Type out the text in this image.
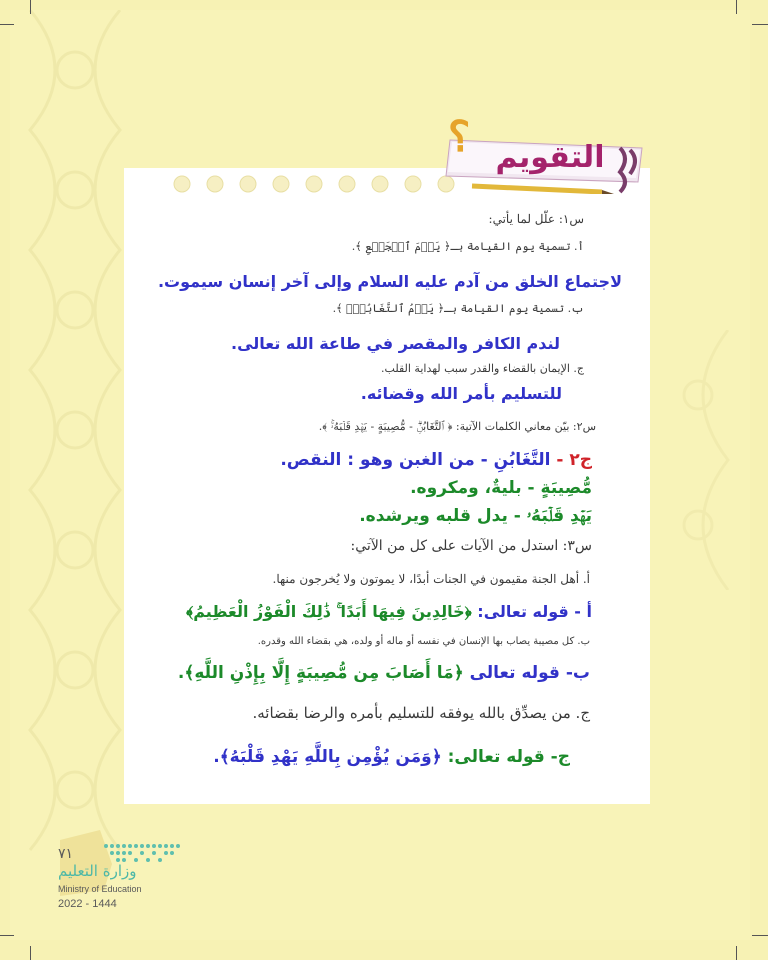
؟ التقويم
س١: علّل لما يأتي:
أ. تسمية يوم القيامة بـ﴿ يَوۡمَ ٱلۡجَمۡعِ ﴾.
لاجتماع الخلق من آدم عليه السلام وإلى آخر إنسان سيموت.
ب. تسمية يوم القيامة بـ﴿ يَوۡمُ ٱلتَّغَابُنِۗ ﴾.
لندم الكافر والمقصر في طاعة الله تعالى.
ج. الإيمان بالقضاء والقدر سبب لهداية القلب.
للتسليم بأمر الله وقضائه.
س٢: بيّن معاني الكلمات الآتية: ﴿ ٱلتَّغَابُنِۗ - مُّصِيبَةٍ - يَهۡدِ قَلۡبَهُۥۚ ﴾.
ج٢ - التَّغَابُنِ - من الغبن وهو : النقص.
مُّصِيبَةٍ - بليةٌ، ومكروه.
يَهۡدِ قَلۡبَهُۥ - يدل قلبه ويرشده.
س٣: استدل من الآيات على كل من الآتي:
أ. أهل الجنة مقيمون في الجنات أبدًا، لا يموتون ولا يُخرجون منها.
أ - قوله تعالى: ﴿خَالِدِينَ فِيهَا أَبَدًا ۚ ذَٰلِكَ الْفَوْزُ الْعَظِيمُ﴾
ب. كل مصيبة يصاب بها الإنسان في نفسه أو ماله أو ولده، هي بقضاء الله وقدره.
ب- قوله تعالى ﴿مَا أَصَابَ مِن مُّصِيبَةٍ إِلَّا بِإِذْنِ اللَّهِ﴾.
ج. من يصدِّق بالله يوفقه للتسليم بأمره والرضا بقضائه.
ج- قوله تعالى: ﴿وَمَن يُؤْمِن بِاللَّهِ يَهْدِ قَلْبَهُ﴾.
٧١
وزارة التعليم
Ministry of Education
2022 - 1444
